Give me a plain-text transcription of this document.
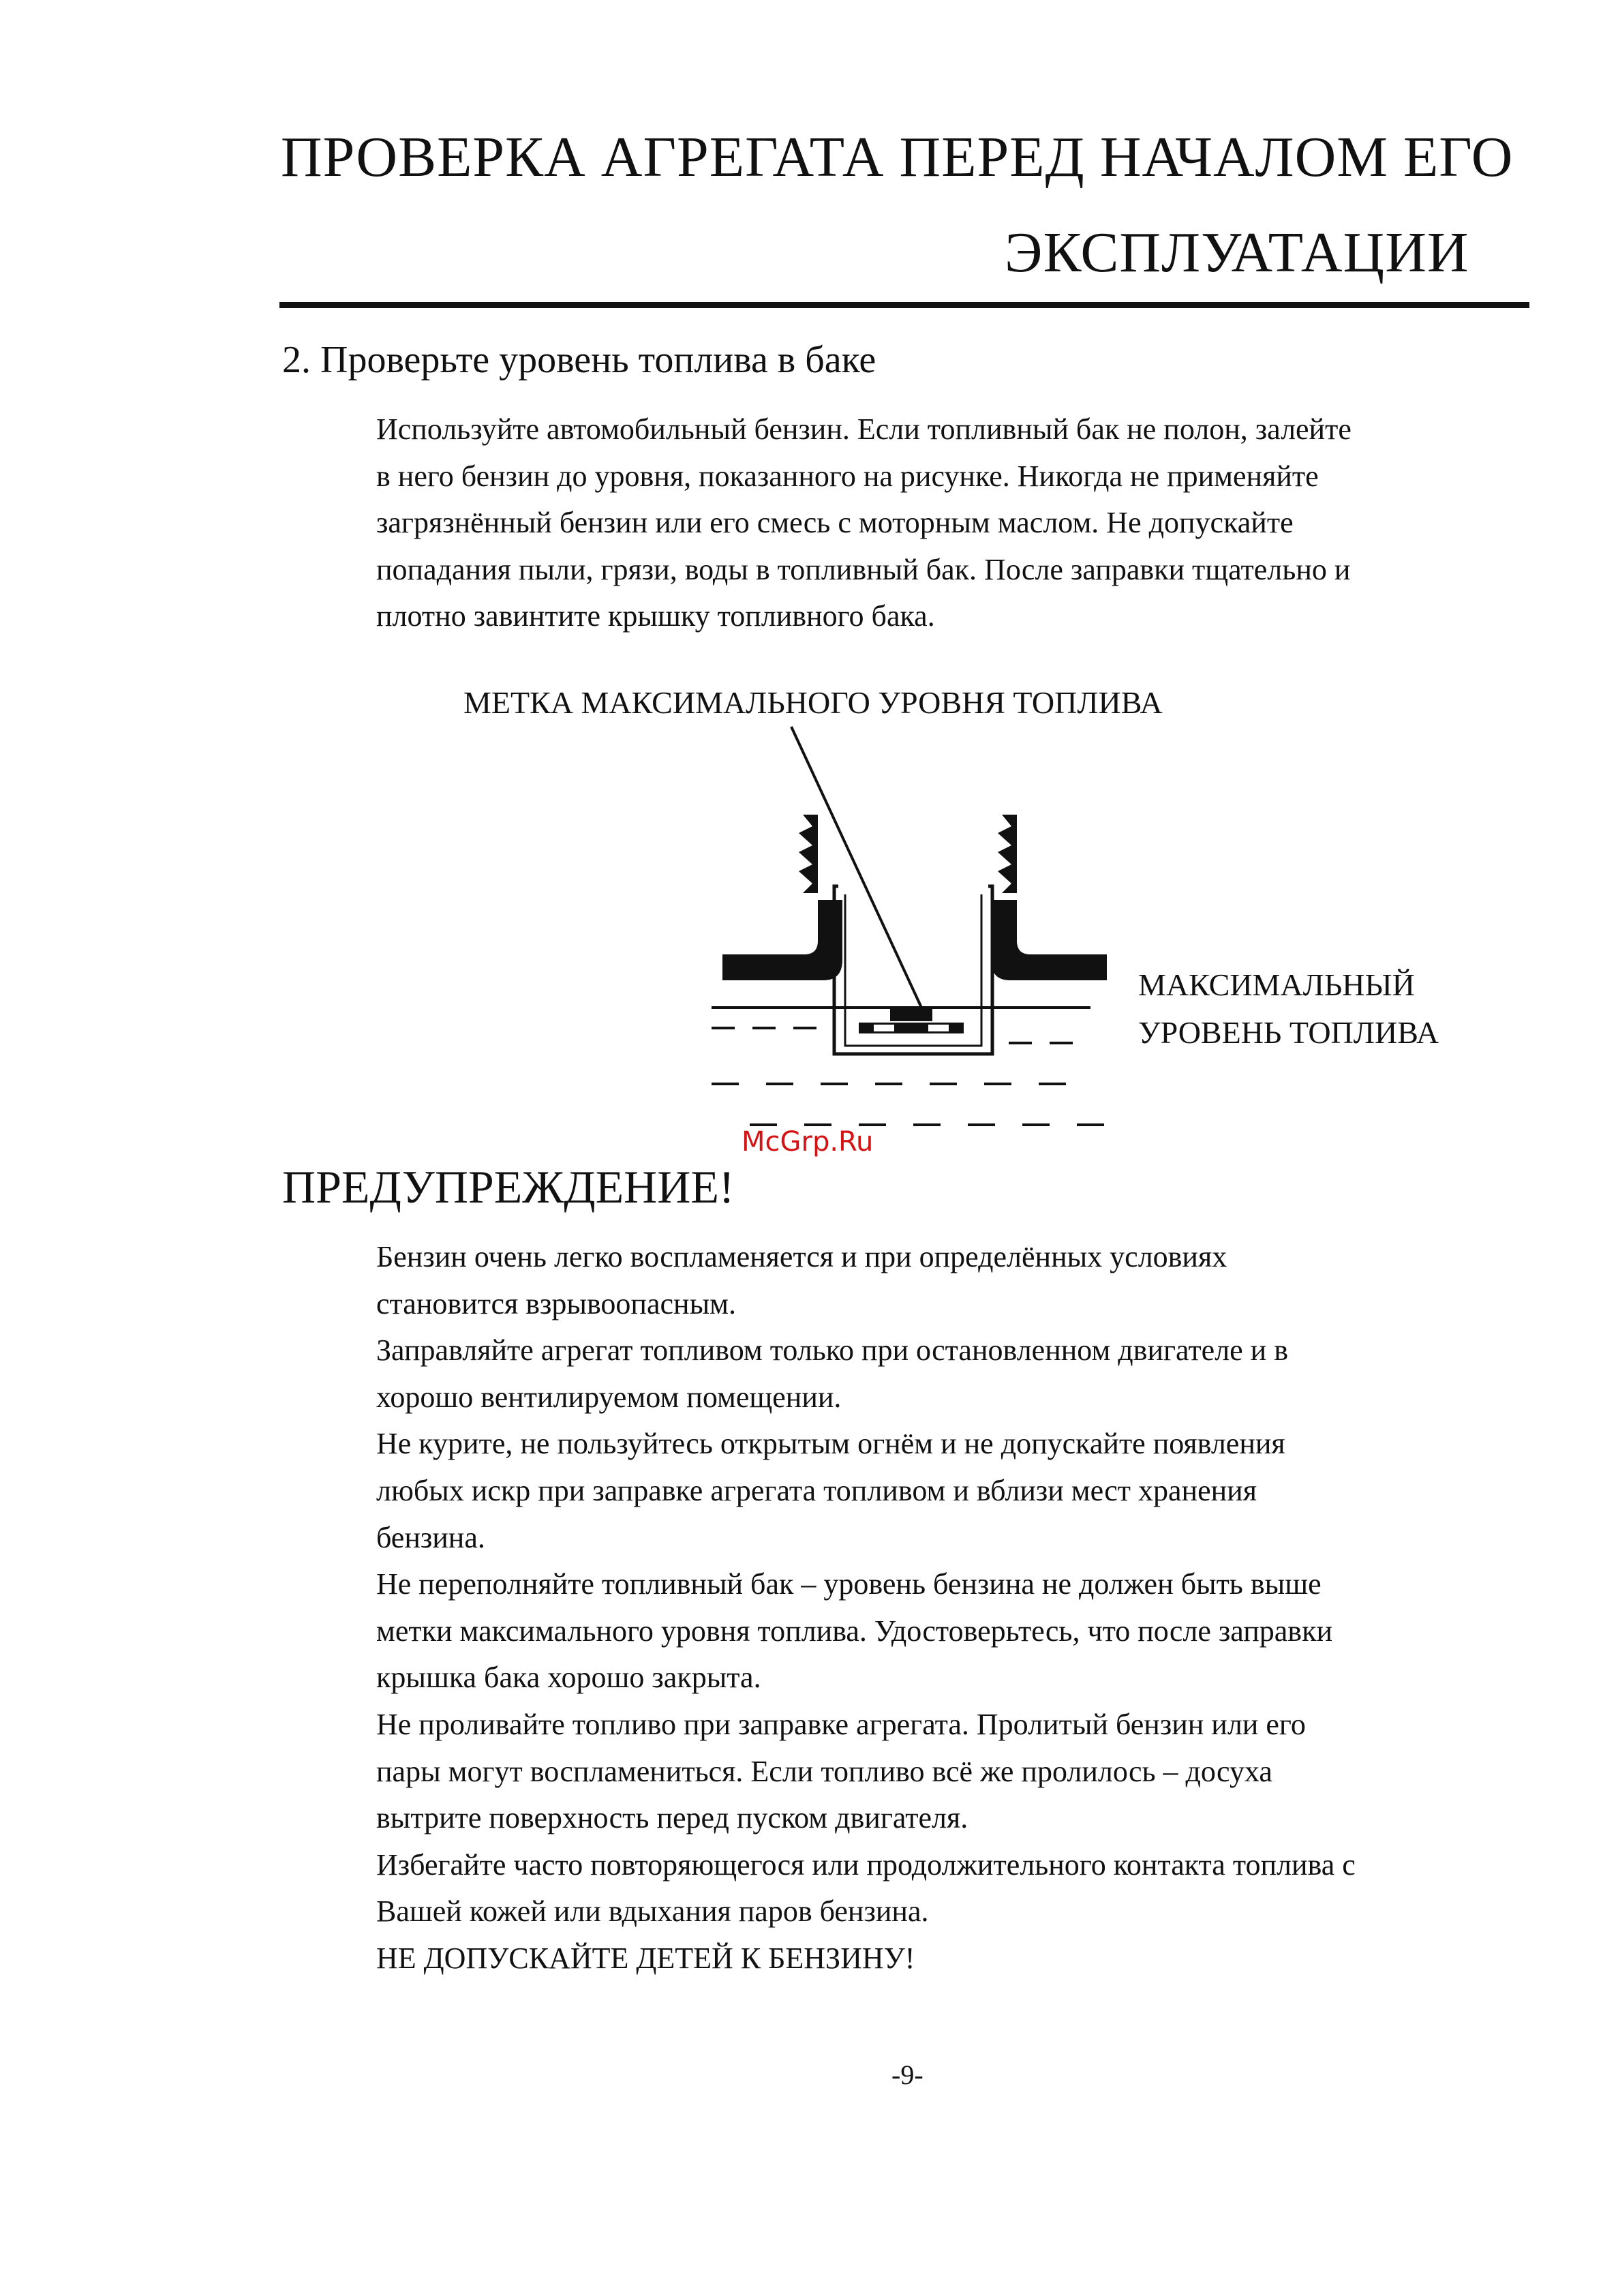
ПРОВЕРКА АГРЕГАТА ПЕРЕД НАЧАЛОМ ЕГО
ЭКСПЛУАТАЦИИ
2. Проверьте уровень топлива в баке
Используйте автомобильный бензин. Если топливный бак не полон, залейте
в него бензин до уровня, показанного на рисунке. Никогда не применяйте
загрязнённый бензин или его смесь с моторным маслом. Не допускайте
попадания пыли, грязи, воды в топливный бак. После заправки тщательно и
плотно завинтите крышку топливного бака.
МЕТКА МАКСИМАЛЬНОГО УРОВНЯ ТОПЛИВА
МАКСИМАЛЬНЫЙ
УРОВЕНЬ ТОПЛИВА
McGrp.Ru
ПРЕДУПРЕЖДЕНИЕ!
Бензин очень легко воспламеняется и при определённых условиях
становится взрывоопасным.
Заправляйте агрегат топливом только при остановленном двигателе и в
хорошо вентилируемом помещении.
Не курите, не пользуйтесь открытым огнём и не допускайте появления
любых искр при заправке агрегата топливом и вблизи мест хранения
бензина.
Не переполняйте топливный бак – уровень бензина не должен быть выше
метки максимального уровня топлива. Удостоверьтесь, что после заправки
крышка бака хорошо закрыта.
Не проливайте топливо при заправке агрегата. Пролитый бензин или его
пары могут воспламениться. Если топливо всё же пролилось – досуха
вытрите поверхность перед пуском двигателя.
Избегайте часто повторяющегося или продолжительного контакта топлива с
Вашей кожей или вдыхания паров бензина.
НЕ ДОПУСКАЙТЕ ДЕТЕЙ К БЕНЗИНУ!
-9-
